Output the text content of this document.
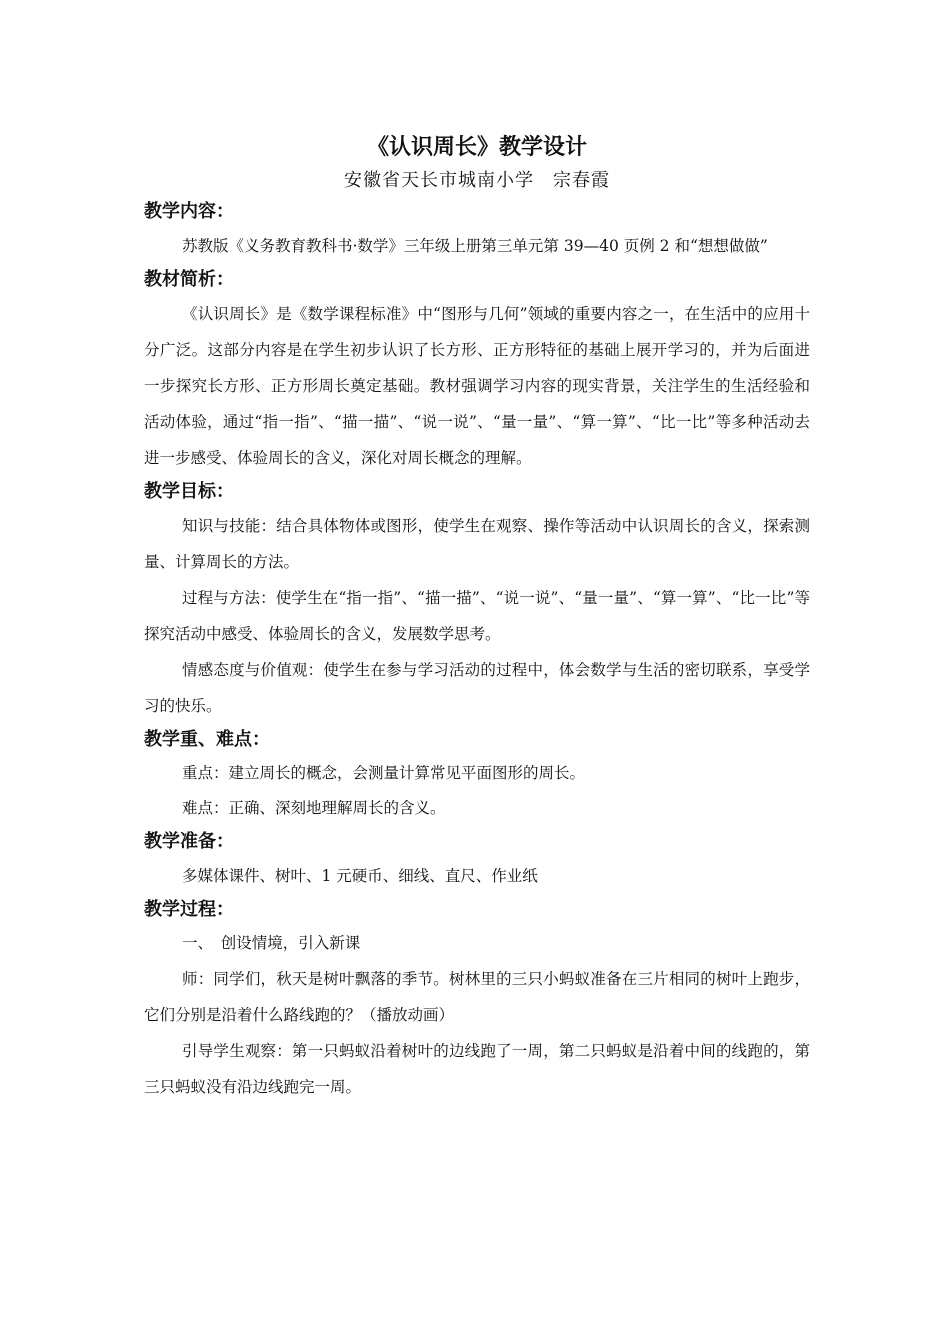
《认识周长》教学设计
安徽省天长市城南小学　宗春霞
教学内容：

苏教版《义务教育教科书·数学》三年级上册第三单元第 39—40 页例 2 和“想想做做”

教材简析：

《认识周长》是《数学课程标准》中“图形与几何”领域的重要内容之一，在生活中的应用十分广泛。这部分内容是在学生初步认识了长方形、正方形特征的基础上展开学习的，并为后面进一步探究长方形、正方形周长奠定基础。教材强调学习内容的现实背景，关注学生的生活经验和活动体验，通过“指一指”、“描一描”、“说一说”、“量一量”、“算一算”、“比一比”等多种活动去进一步感受、体验周长的含义，深化对周长概念的理解。

教学目标：

知识与技能：结合具体物体或图形，使学生在观察、操作等活动中认识周长的含义，探索测量、计算周长的方法。

过程与方法：使学生在“指一指”、“描一描”、“说一说”、“量一量”、“算一算”、“比一比”等探究活动中感受、体验周长的含义，发展数学思考。

情感态度与价值观：使学生在参与学习活动的过程中，体会数学与生活的密切联系，享受学习的快乐。

教学重、难点：

重点：建立周长的概念，会测量计算常见平面图形的周长。

难点：正确、深刻地理解周长的含义。

教学准备：

多媒体课件、树叶、1 元硬币、细线、直尺、作业纸

教学过程：

一、　创设情境，引入新课

师：同学们，秋天是树叶飘落的季节。树林里的三只小蚂蚁准备在三片相同的树叶上跑步，它们分别是沿着什么路线跑的？（播放动画）

引导学生观察：第一只蚂蚁沿着树叶的边线跑了一周，第二只蚂蚁是沿着中间的线跑的，第三只蚂蚁没有沿边线跑完一周。
